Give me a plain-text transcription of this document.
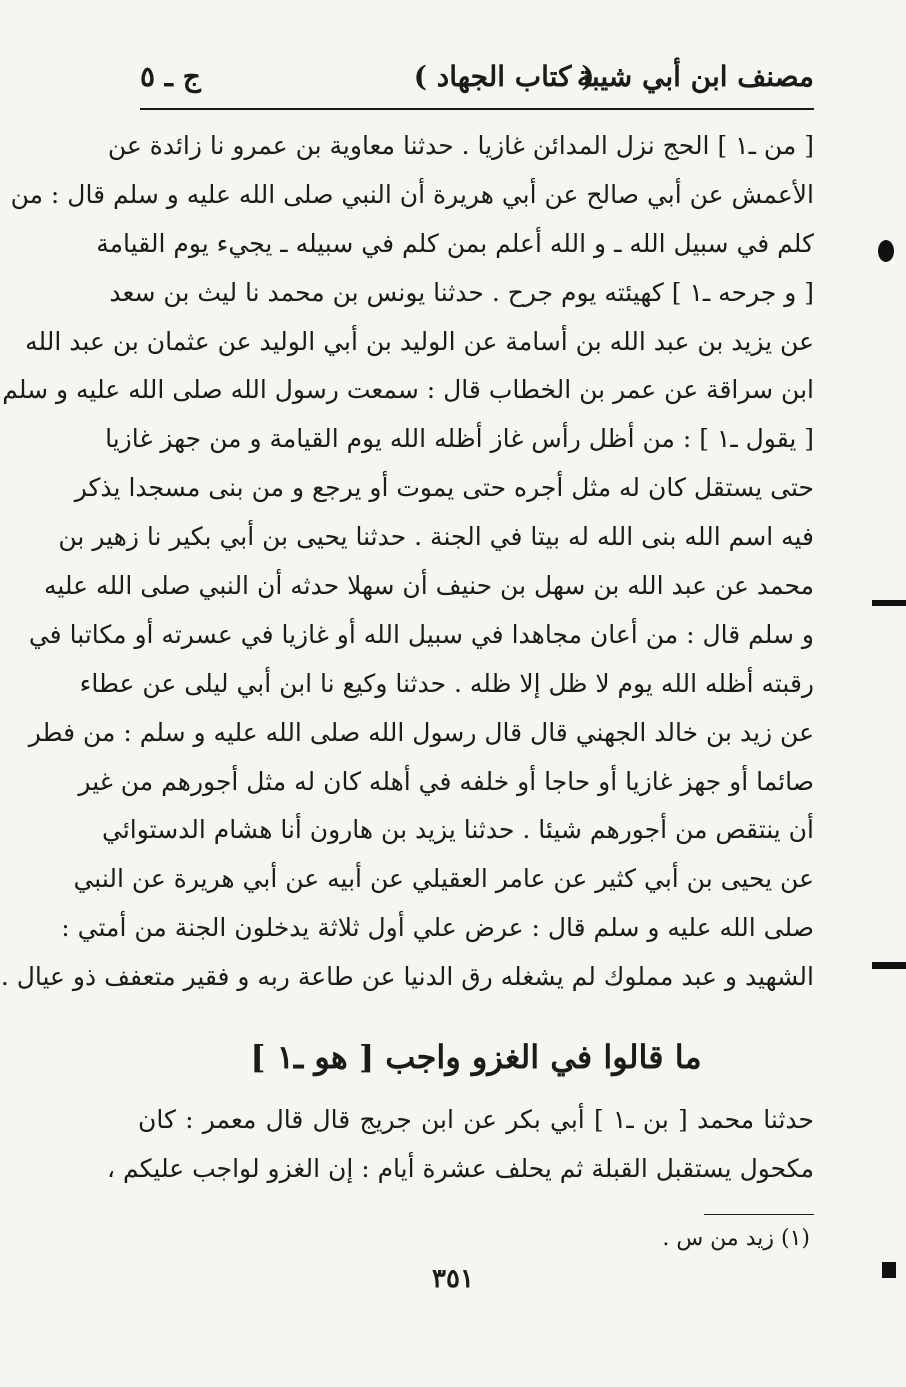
مصنف ابن أبي شيبة
( كتاب الجهاد )
ج ـ ٥
[ من ـ١ ] الحج نزل المدائن غازيا . حدثنا معاوية بن عمرو نا زائدة عن
الأعمش عن أبي صالح عن أبي هريرة أن النبي صلى الله عليه و سلم قال : من
كلم في سبيل الله ـ و الله أعلم بمن كلم في سبيله ـ يجيء يوم القيامة
[ و جرحه ـ١ ] كهيئته يوم جرح . حدثنا يونس بن محمد نا ليث بن سعد
عن يزيد بن عبد الله بن أسامة عن الوليد بن أبي الوليد عن عثمان بن عبد الله
ابن سراقة عن عمر بن الخطاب قال : سمعت رسول الله صلى الله عليه و سلم
[ يقول ـ١ ] : من أظل رأس غاز أظله الله يوم القيامة و من جهز غازيا
حتى يستقل كان له مثل أجره حتى يموت أو يرجع و من بنى مسجدا يذكر
فيه اسم الله بنى الله له بيتا في الجنة . حدثنا يحيى بن أبي بكير نا زهير بن
محمد عن عبد الله بن سهل بن حنيف أن سهلا حدثه أن النبي صلى الله عليه
و سلم قال : من أعان مجاهدا في سبيل الله أو غازيا في عسرته أو مكاتبا في
رقبته أظله الله يوم لا ظل إلا ظله . حدثنا وكيع نا ابن أبي ليلى عن عطاء
عن زيد بن خالد الجهني قال قال رسول الله صلى الله عليه و سلم : من فطر
صائما أو جهز غازيا أو حاجا أو خلفه في أهله كان له مثل أجورهم من غير
أن ينتقص من أجورهم شيئا . حدثنا يزيد بن هارون أنا هشام الدستوائي
عن يحيى بن أبي كثير عن عامر العقيلي عن أبيه عن أبي هريرة عن النبي
صلى الله عليه و سلم قال : عرض علي أول ثلاثة يدخلون الجنة من أمتي :
الشهيد و عبد مملوك لم يشغله رق الدنيا عن طاعة ربه و فقير متعفف ذو عيال .
ما قالوا في الغزو واجب [ هو ـ١ ]
حدثنا محمد [ بن ـ١ ] أبي بكر عن ابن جريج قال قال معمر : كان
مكحول يستقبل القبلة ثم يحلف عشرة أيام : إن الغزو لواجب عليكم ،
(١) زيد من س .
٣٥١
